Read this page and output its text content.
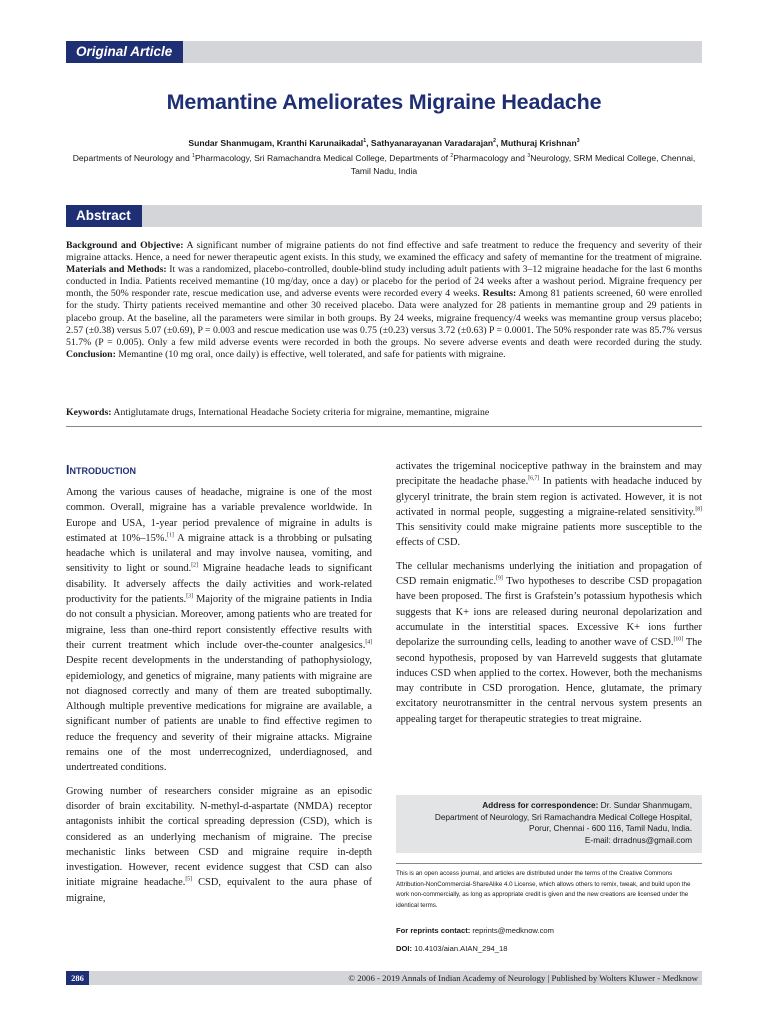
Original Article
Memantine Ameliorates Migraine Headache
Sundar Shanmugam, Kranthi Karunaikadal$^1$, Sathyanarayanan Varadarajan$^2$, Muthuraj Krishnan$^3$
Departments of Neurology and $^1$Pharmacology, Sri Ramachandra Medical College, Departments of $^2$Pharmacology and $^3$Neurology, SRM Medical College, Chennai, Tamil Nadu, India
Abstract
Background and Objective: A significant number of migraine patients do not find effective and safe treatment to reduce the frequency and severity of their migraine attacks. Hence, a need for newer therapeutic agent exists. In this study, we examined the efficacy and safety of memantine for the treatment of migraine. Materials and Methods: It was a randomized, placebo-controlled, double-blind study including adult patients with 3–12 migraine headache for the last 6 months conducted in India. Patients received memantine (10 mg/day, once a day) or placebo for the period of 24 weeks after a washout period. Migraine frequency per month, the 50% responder rate, rescue medication use, and adverse events were recorded every 4 weeks. Results: Among 81 patients screened, 60 were enrolled for the study. Thirty patients received memantine and other 30 received placebo. Data were analyzed for 28 patients in memantine group and 29 patients in placebo group. At the baseline, all the parameters were similar in both groups. By 24 weeks, migraine frequency/4 weeks was memantine group versus placebo; 2.57 (±0.38) versus 5.07 (±0.69), P = 0.003 and rescue medication use was 0.75 (±0.23) versus 3.72 (±0.63) P = 0.0001. The 50% responder rate was 85.7% versus 51.7% (P = 0.005). Only a few mild adverse events were recorded in both the groups. No severe adverse events and death were recorded during the study. Conclusion: Memantine (10 mg oral, once daily) is effective, well tolerated, and safe for patients with migraine.
Keywords: Antiglutamate drugs, International Headache Society criteria for migraine, memantine, migraine
Introduction

Among the various causes of headache, migraine is one of the most common. Overall, migraine has a variable prevalence worldwide. In Europe and USA, 1-year period prevalence of migraine in adults is estimated at 10%–15%.[1] A migraine attack is a throbbing or pulsating headache which is unilateral and may involve nausea, vomiting, and sensitivity to light or sound.[2] Migraine headache leads to significant disability. It adversely affects the daily activities and work-related productivity for the patients.[3] Majority of the migraine patients in India do not consult a physician. Moreover, among patients who are treated for migraine, less than one-third report consistently effective results with their current treatment which include over-the-counter analgesics.[4] Despite recent developments in the understanding of pathophysiology, epidemiology, and genetics of migraine, many patients with migraine are not diagnosed correctly and many of them are treated suboptimally. Although multiple preventive medications for migraine are available, a significant number of patients are unable to find effective regimen to reduce the frequency and severity of their migraine attacks. Migraine remains one of the most underrecognized, underdiagnosed, and undertreated conditions.

Growing number of researchers consider migraine as an episodic disorder of brain excitability. N-methyl-d-aspartate (NMDA) receptor antagonists inhibit the cortical spreading depression (CSD), which is considered as an underlying mechanism of migraine. The precise mechanistic links between CSD and migraine require in-depth investigation. However, recent evidence suggest that CSD can also initiate migraine headache.[5] CSD, equivalent to the aura phase of migraine,

activates the trigeminal nociceptive pathway in the brainstem and may precipitate the headache phase.[6,7] In patients with headache induced by glyceryl trinitrate, the brain stem region is activated. However, it is not activated in normal people, suggesting a migraine-related sensitivity.[8] This sensitivity could make migraine patients more susceptible to the effects of CSD.

The cellular mechanisms underlying the initiation and propagation of CSD remain enigmatic.[9] Two hypotheses to describe CSD propagation have been proposed. The first is Grafstein’s potassium hypothesis which suggests that K+ ions are released during neuronal depolarization and accumulate in the interstitial spaces. Excessive K+ ions further depolarize the surrounding cells, leading to another wave of CSD.[10] The second hypothesis, proposed by van Harreveld suggests that glutamate induces CSD when applied to the cortex. However, both the mechanisms may contribute in CSD prorogation. Hence, glutamate, the primary excitatory neurotransmitter in the central nervous system presents an appealing target for therapeutic strategies to treat migraine.

Address for correspondence: Dr. Sundar Shanmugam,
Department of Neurology, Sri Ramachandra Medical College Hospital,
Porur, Chennai - 600 116, Tamil Nadu, India.
E-mail: drradnus@gmail.com
This is an open access journal, and articles are distributed under the terms of the Creative Commons Attribution-NonCommercial-ShareAlike 4.0 License, which allows others to remix, tweak, and build upon the work non-commercially, as long as appropriate credit is given and the new creations are licensed under the identical terms.
For reprints contact: reprints@medknow.com
DOI: 10.4103/aian.AIAN_294_18
286	© 2006 - 2019 Annals of Indian Academy of Neurology | Published by Wolters Kluwer - Medknow
